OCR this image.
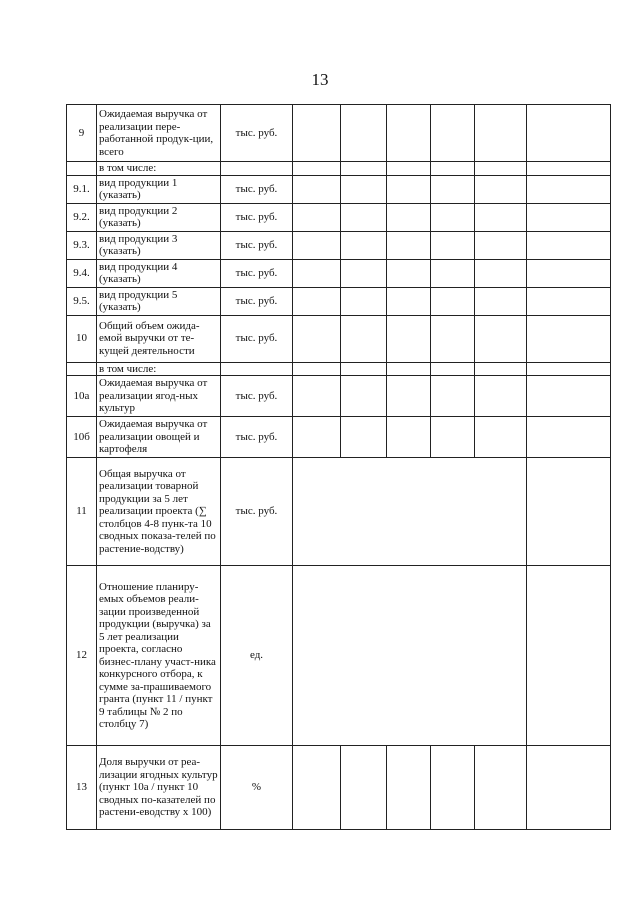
13
9	Ожидаемая выручка от реализации пере-работанной продук-ции, всего	тыс. руб.						
	в том числе:							
9.1.	вид продукции 1 (указать)	тыс. руб.						
9.2.	вид продукции 2 (указать)	тыс. руб.						
9.3.	вид продукции 3 (указать)	тыс. руб.						
9.4.	вид продукции 4 (указать)	тыс. руб.						
9.5.	вид продукции 5 (указать)	тыс. руб.						
10	Общий объем ожида-емой выручки от те-кущей деятельности	тыс. руб.						
	в том числе:							
10а	Ожидаемая выручка от реализации ягод-ных культур	тыс. руб.						
10б	Ожидаемая выручка от реализации овощей и картофеля	тыс. руб.						
11	Общая выручка от реализации товарной продукции за 5 лет реализации проекта (∑ столбцов 4-8 пунк-та 10 сводных показа-телей по растение-водству)	тыс. руб.						
12	Отношение планиру-емых объемов реали-зации произведенной продукции (выручка) за 5 лет реализации проекта, согласно бизнес-плану участ-ника конкурсного отбора, к сумме за-прашиваемого гранта (пункт 11 / пункт 9 таблицы № 2 по столбцу 7)	ед.						
13	Доля выручки от реа-лизации ягодных культур (пункт 10а / пункт 10 сводных по-казателей по растени-еводству х 100)	%						
